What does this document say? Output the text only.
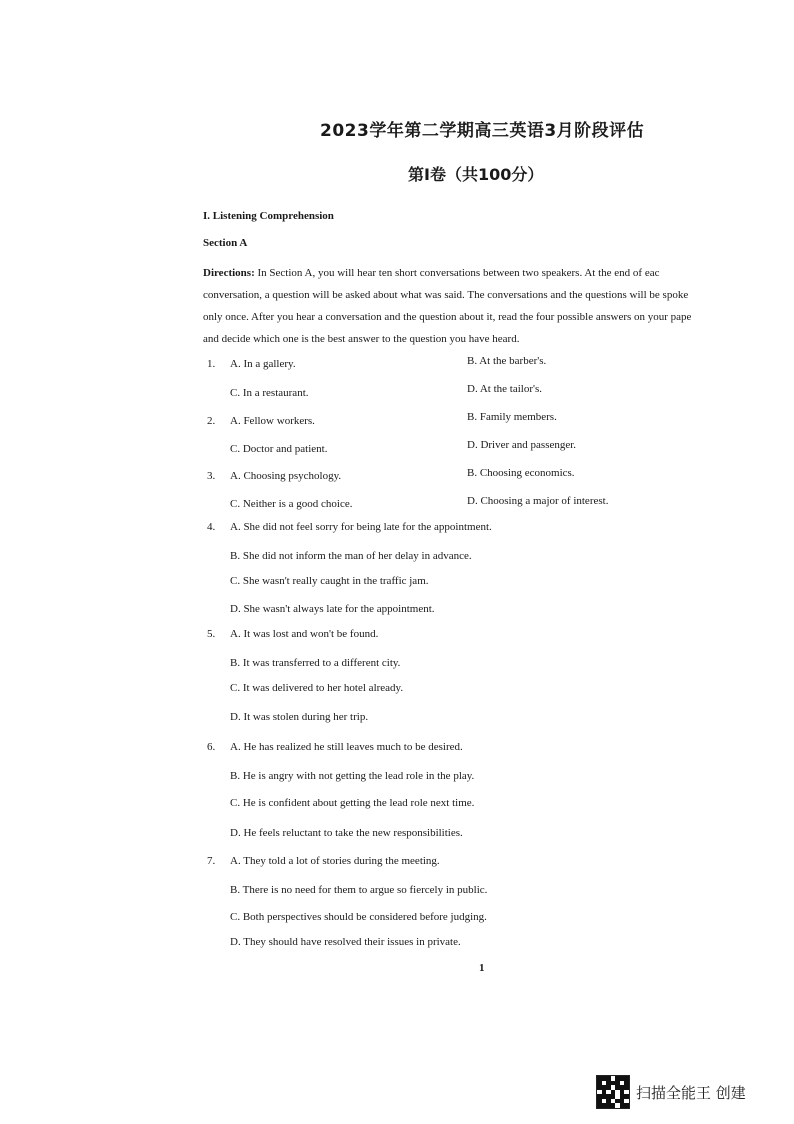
2023学年第二学期高三英语3月阶段评估
第I卷（共100分）
I. Listening Comprehension
Section A
Directions: In Section A, you will hear ten short conversations between two speakers. At the end of eac
conversation, a question will be asked about what was said. The conversations and the questions will be spoke
only once. After you hear a conversation and the question about it, read the four possible answers on your pape
and decide which one is the best answer to the question you have heard.
1. A. In a gallery.	B. At the barber's.
C. In a restaurant.	D. At the tailor's.
2. A. Fellow workers.	B. Family members.
C. Doctor and patient.	D. Driver and passenger.
3. A. Choosing psychology.	B. Choosing economics.
C. Neither is a good choice.	D. Choosing a major of interest.
4. A. She did not feel sorry for being late for the appointment.
B. She did not inform the man of her delay in advance.
C. She wasn't really caught in the traffic jam.
D. She wasn't always late for the appointment.
5. A. It was lost and won't be found.
B. It was transferred to a different city.
C. It was delivered to her hotel already.
D. It was stolen during her trip.
6. A. He has realized he still leaves much to be desired.
B. He is angry with not getting the lead role in the play.
C. He is confident about getting the lead role next time.
D. He feels reluctant to take the new responsibilities.
7. A. They told a lot of stories during the meeting.
B. There is no need for them to argue so fiercely in public.
C. Both perspectives should be considered before judging.
D. They should have resolved their issues in private.
1
扫描全能王 创建
